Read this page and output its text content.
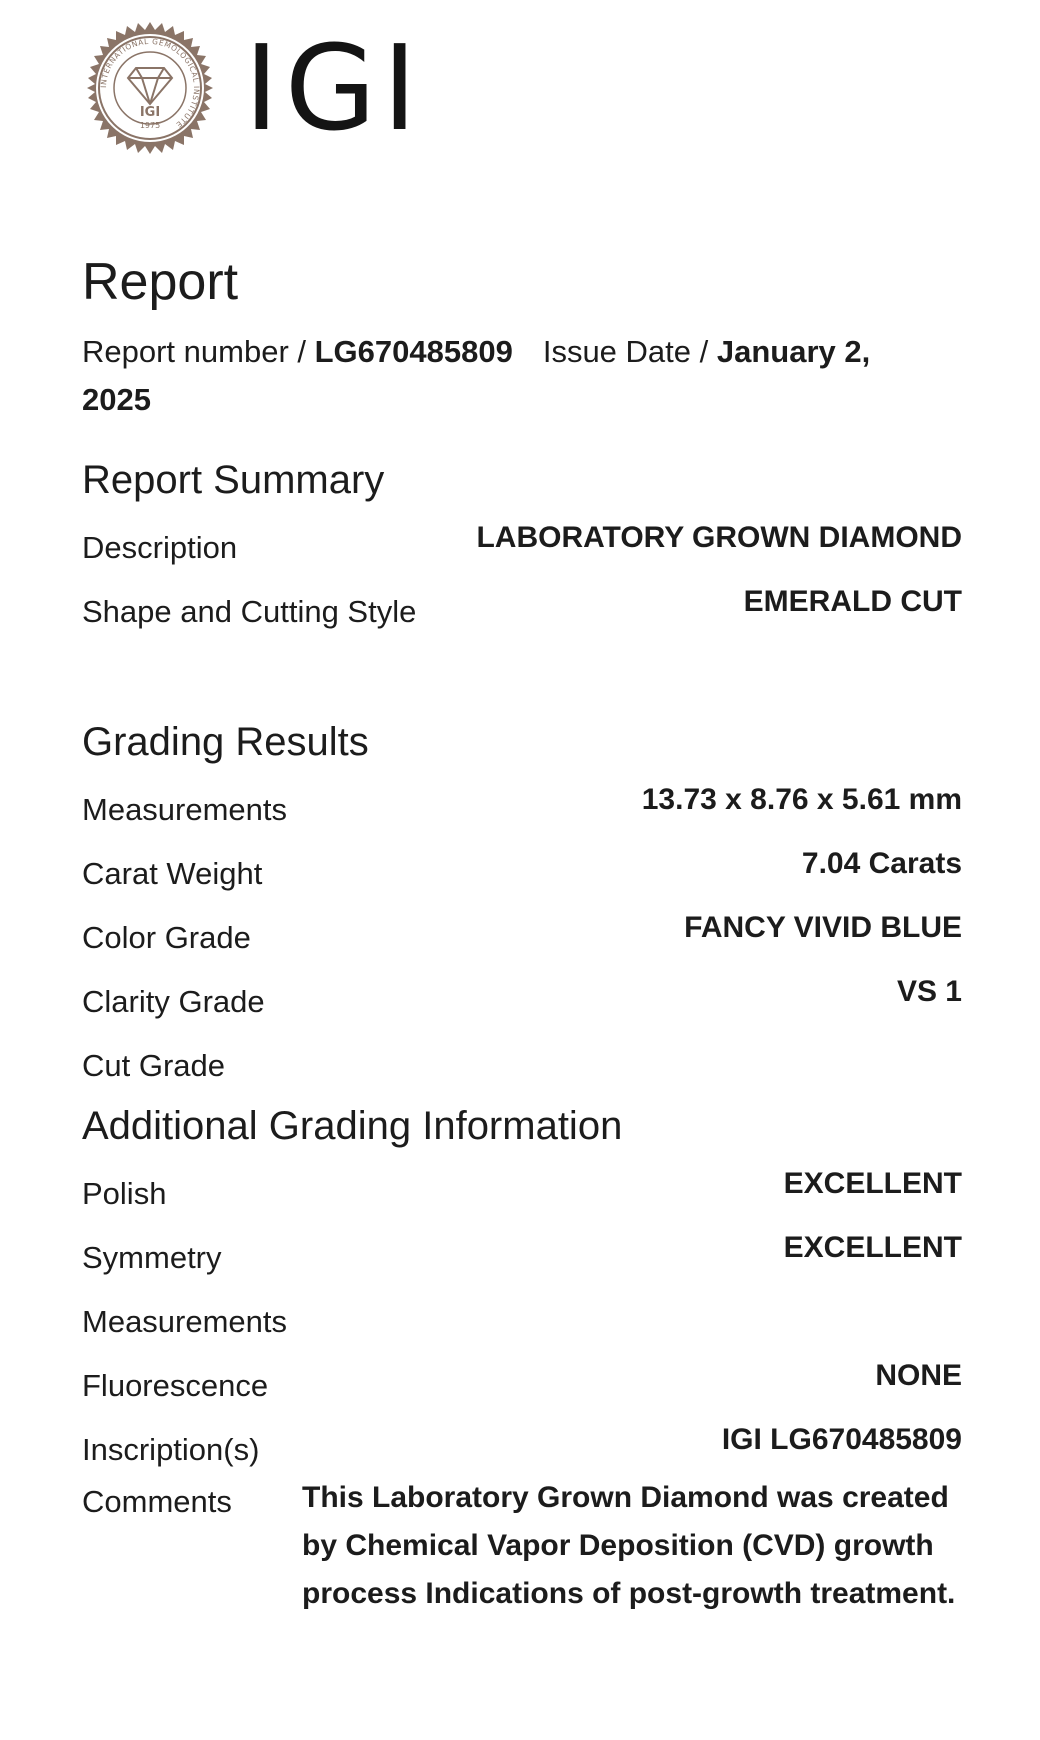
INTERNATIONAL GEMOLOGICAL INSTITUTE
IGI
1975 IGI
Report
Report number / LG670485809 Issue Date / January 2, 2025
Report Summary
Description	LABORATORY GROWN DIAMOND
Shape and Cutting Style	EMERALD CUT
Grading Results
Measurements	13.73 x 8.76 x 5.61 mm
Carat Weight	7.04 Carats
Color Grade	FANCY VIVID BLUE
Clarity Grade	VS 1
Cut Grade
Additional Grading Information
Polish	EXCELLENT
Symmetry	EXCELLENT
Measurements
Fluorescence	NONE
Inscription(s)	IGI LG670485809
Comments	This Laboratory Grown Diamond was created by Chemical Vapor Deposition (CVD) growth process Indications of post-growth treatment.
